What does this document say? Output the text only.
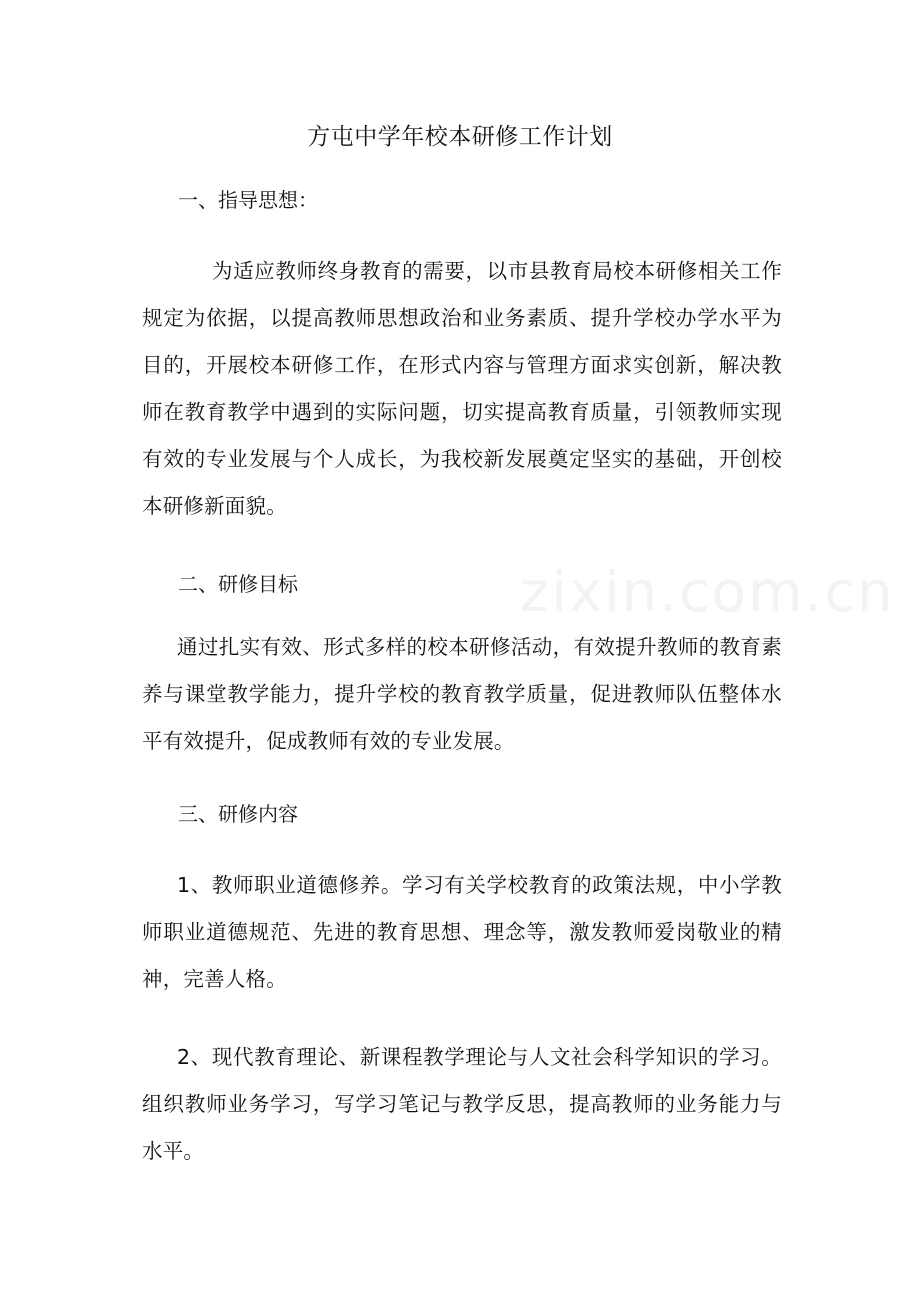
zixin.com.cn
方屯中学年校本研修工作计划
一、指导思想：

为适应教师终身教育的需要，以市县教育局校本研修相关工作规定为依据，以提高教师思想政治和业务素质、提升学校办学水平为目的，开展校本研修工作，在形式内容与管理方面求实创新，解决教师在教育教学中遇到的实际问题，切实提高教育质量，引领教师实现有效的专业发展与个人成长，为我校新发展奠定坚实的基础，开创校本研修新面貌。

二、研修目标

通过扎实有效、形式多样的校本研修活动，有效提升教师的教育素养与课堂教学能力，提升学校的教育教学质量，促进教师队伍整体水平有效提升，促成教师有效的专业发展。

三、研修内容

1、教师职业道德修养。学习有关学校教育的政策法规，中小学教师职业道德规范、先进的教育思想、理念等，激发教师爱岗敬业的精神，完善人格。

2、现代教育理论、新课程教学理论与人文社会科学知识的学习。组织教师业务学习，写学习笔记与教学反思，提高教师的业务能力与水平。
